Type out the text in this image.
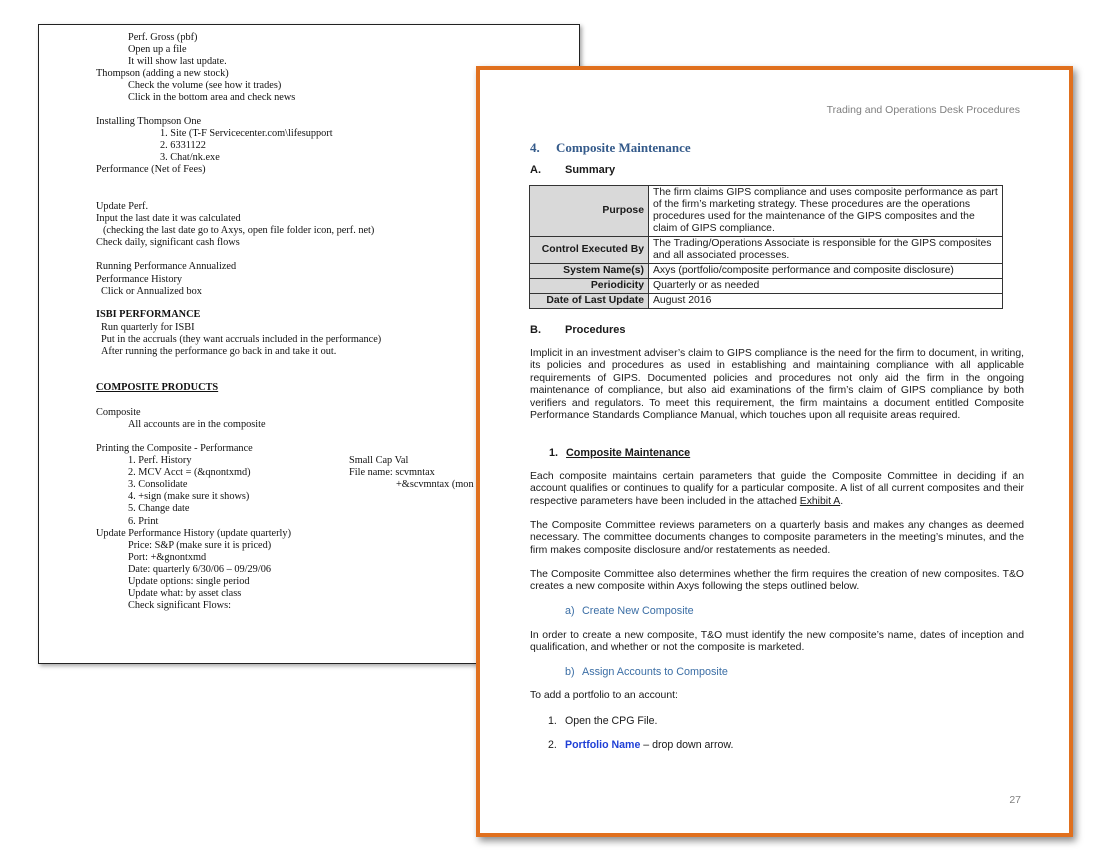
Perf. Gross (pbf)
Open up a file
It will show last update.
Thompson (adding a new stock)
Check the volume (see how it trades)
Click in the bottom area and check news
Installing Thompson One
1. Site (T-F Servicecenter.com\lifesupport
2. 6331122
3. Chat/nk.exe
Performance (Net of Fees)
Update Perf.
Input the last date it was calculated
(checking the last date go to Axys, open file folder icon, perf. net)
Check daily, significant cash flows
Running Performance Annualized
Performance History
Click or Annualized box
ISBI PERFORMANCE
Run quarterly for ISBI
Put in the accruals (they want accruals included in the performance)
After running the performance go back in and take it out.
COMPOSITE PRODUCTS
Composite
All accounts are in the composite
Printing the Composite - Performance
1. Perf. History
2. MCV Acct = (&qnontxmd)
3. Consolidate
4. +sign (make sure it shows)
5. Change date
6. Print
Update Performance History (update quarterly)
Price: S&P (make sure it is priced)
Port: +&gnontxmd
Date: quarterly 6/30/06 – 09/29/06
Update options: single period
Update what: by asset class
Check significant Flows:
Small Cap Val
File name: scvmntax
+&scvmntax (mon
Trading and Operations Desk Procedures
4. Composite Maintenance
A. Summary
Purpose	The firm claims GIPS compliance and uses composite performance as part of the firm’s marketing strategy. These procedures are the operations procedures used for the maintenance of the GIPS composites and the claim of GIPS compliance.
Control Executed By	The Trading/Operations Associate is responsible for the GIPS composites and all associated processes.
System Name(s)	Axys (portfolio/composite performance and composite disclosure)
Periodicity	Quarterly or as needed
Date of Last Update	August 2016
B. Procedures
Implicit in an investment adviser’s claim to GIPS compliance is the need for the firm to document, in writing, its policies and procedures as used in establishing and maintaining compliance with all applicable requirements of GIPS. Documented policies and procedures not only aid the firm in the ongoing maintenance of compliance, but also aid examinations of the firm’s claim of GIPS compliance by both verifiers and regulators. To meet this requirement, the firm maintains a document entitled Composite Performance Standards Compliance Manual, which touches upon all requisite areas required.
1. Composite Maintenance
Each composite maintains certain parameters that guide the Composite Committee in deciding if an account qualifies or continues to qualify for a particular composite. A list of all current composites and their respective parameters have been included in the attached Exhibit A.
The Composite Committee reviews parameters on a quarterly basis and makes any changes as deemed necessary. The committee documents changes to composite parameters in the meeting’s minutes, and the firm makes composite disclosure and/or restatements as needed.
The Composite Committee also determines whether the firm requires the creation of new composites. T&O creates a new composite within Axys following the steps outlined below.
a) Create New Composite
In order to create a new composite, T&O must identify the new composite’s name, dates of inception and qualification, and whether or not the composite is marketed.
b) Assign Accounts to Composite
To add a portfolio to an account:
1. Open the CPG File.
2. Portfolio Name – drop down arrow.
27
